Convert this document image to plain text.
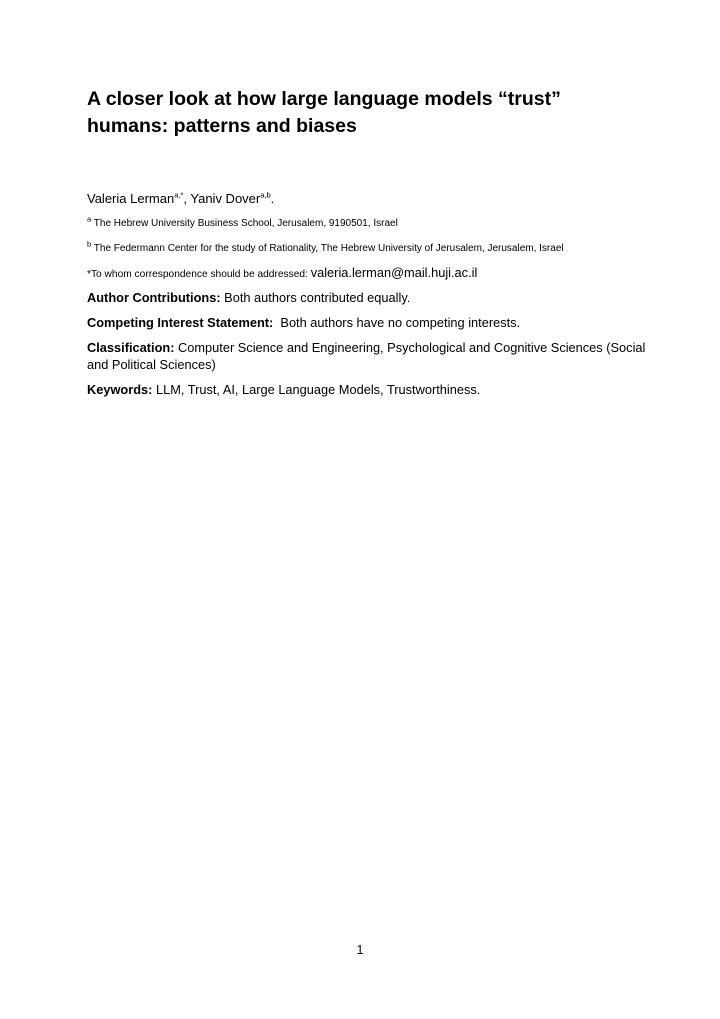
A closer look at how large language models “trust” humans: patterns and biases
Valeria Lerman$^{a,*}$, Yaniv Dover$^{a,b}$.
$^a$ The Hebrew University Business School, Jerusalem, 9190501, Israel
$^b$ The Federmann Center for the study of Rationality, The Hebrew University of Jerusalem, Jerusalem, Israel
*To whom correspondence should be addressed: valeria.lerman@mail.huji.ac.il
Author Contributions: Both authors contributed equally.
Competing Interest Statement:  Both authors have no competing interests.
Classification: Computer Science and Engineering, Psychological and Cognitive Sciences (Social and Political Sciences)
Keywords: LLM, Trust, AI, Large Language Models, Trustworthiness.
1
